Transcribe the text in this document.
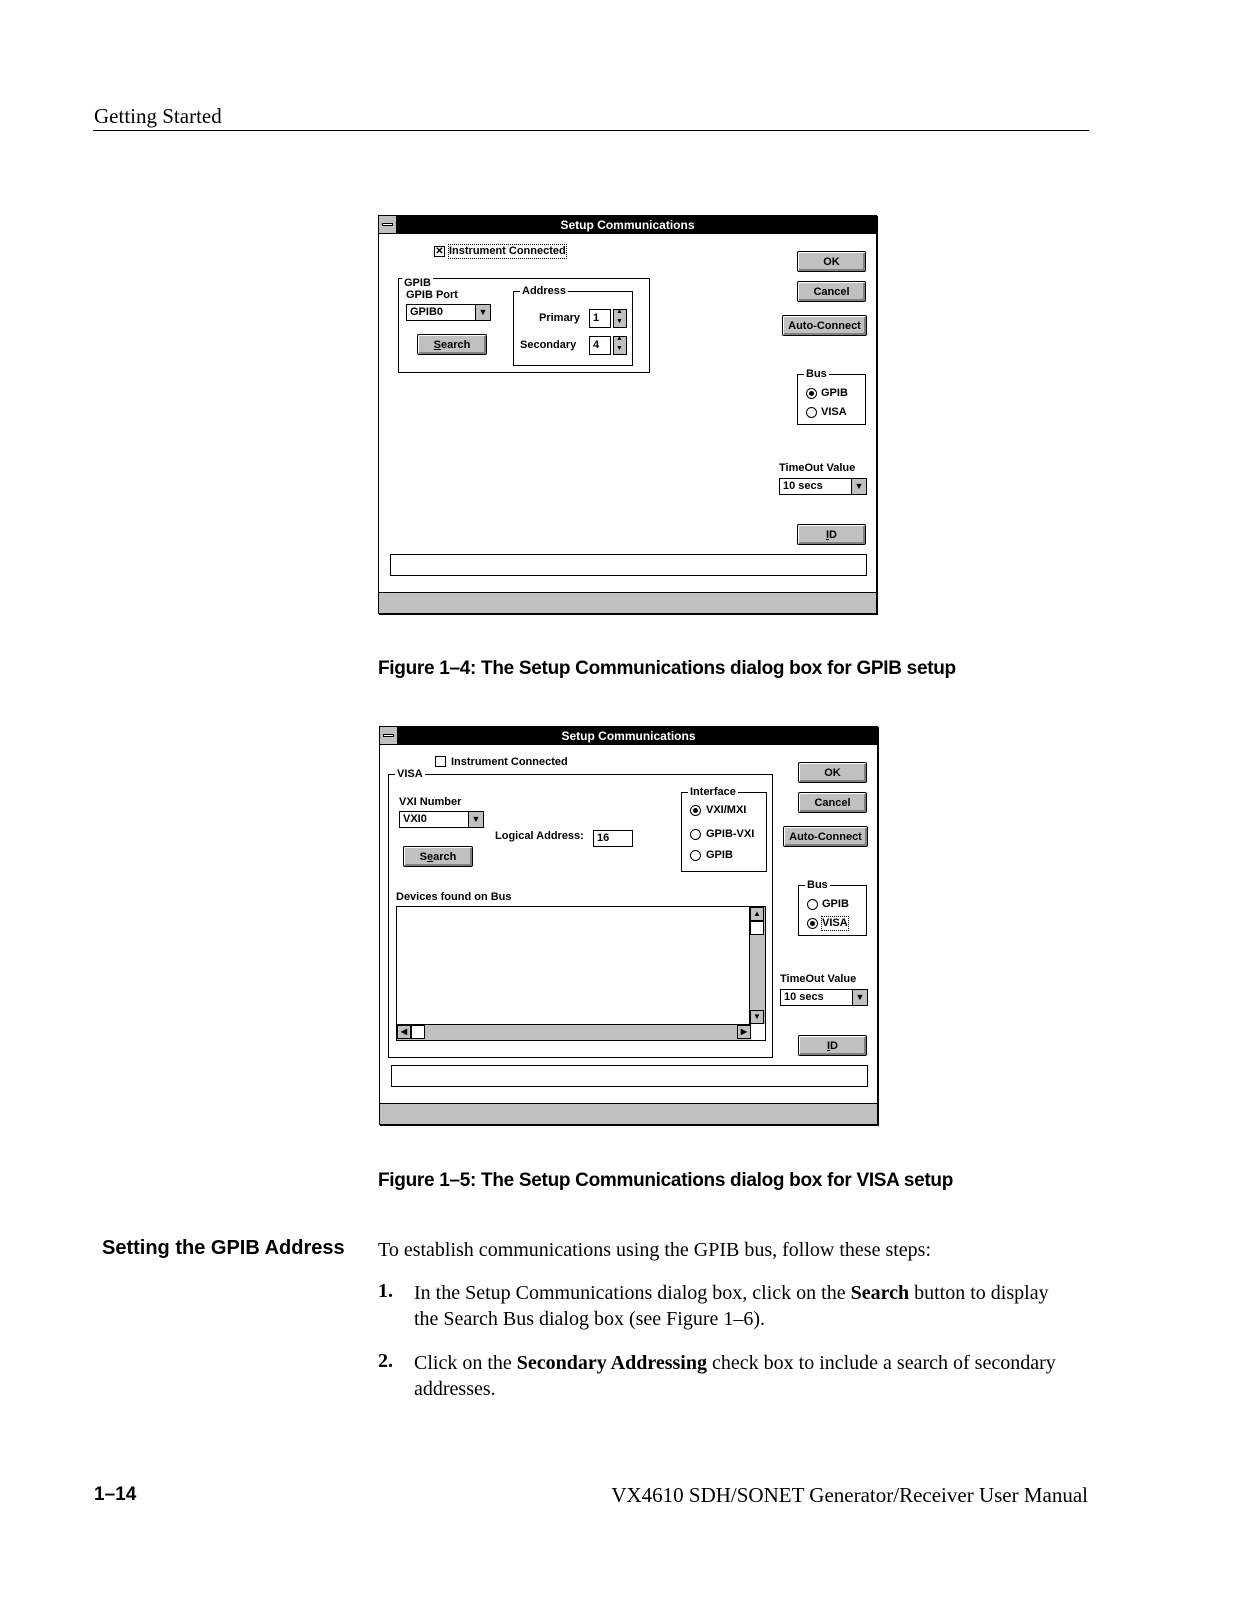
Getting Started
Setup Communications
✕ Instrument Connected
GPIB
GPIB Port
GPIB0	▼
Search
Address
Primary 1
▲ ▼
Secondary 4
▲ ▼
OK
Cancel
Auto-Connect
Bus
GPIB
VISA
TimeOut Value
10 secs	▼
ID
Figure 1–4: The Setup Communications dialog box for GPIB setup
Setup Communications
Instrument Connected
VISA
VXI Number
VXI0	▼
Logical Address: 16
Search
Interface
VXI/MXI
GPIB-VXI
GPIB
Devices found on Bus
▲
▼
◀	▶
OK
Cancel
Auto-Connect
Bus
GPIB
VISA
TimeOut Value
10 secs	▼
ID
Figure 1–5: The Setup Communications dialog box for VISA setup
Setting the GPIB Address To establish communications using the GPIB bus, follow these steps:
1. In the Setup Communications dialog box, click on the Search button to display the Search Bus dialog box (see Figure 1–6).
2. Click on the Secondary Addressing check box to include a search of secondary addresses.
1–14	VX4610 SDH/SONET Generator/Receiver User Manual
